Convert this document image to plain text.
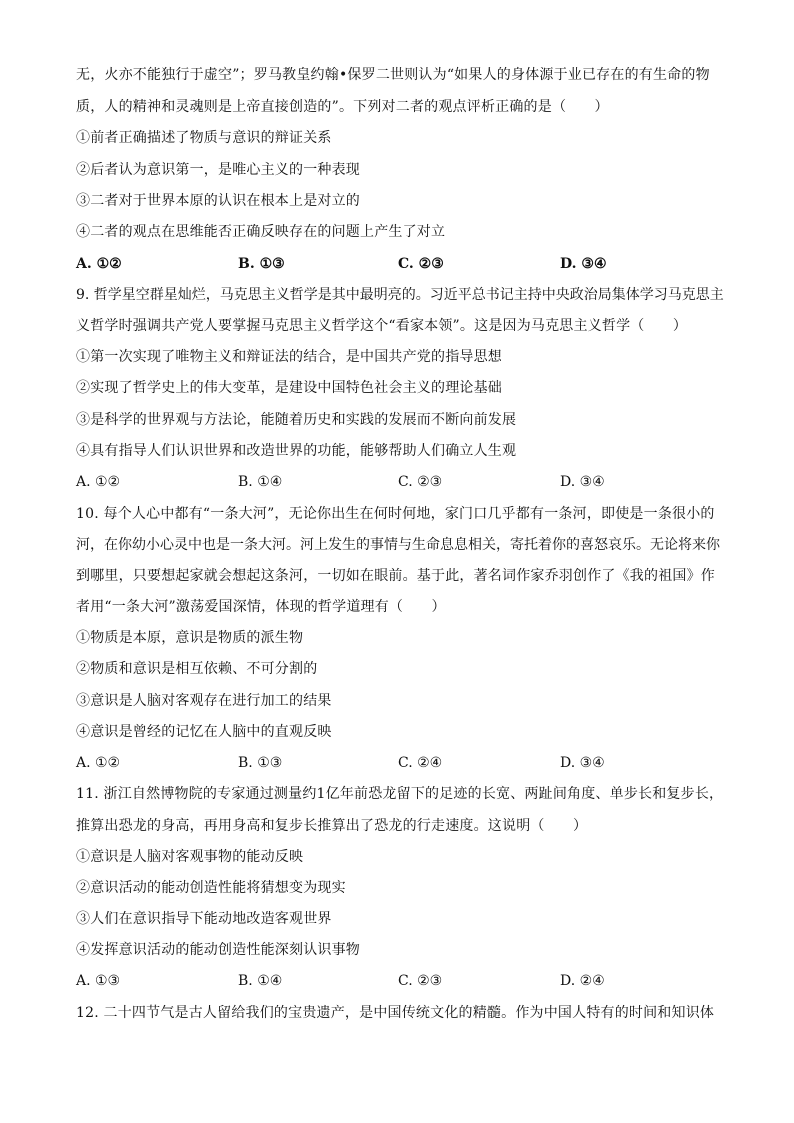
无，火亦不能独行于虚空”；罗马教皇约翰•保罗二世则认为“如果人的身体源于业已存在的有生命的物
质，人的精神和灵魂则是上帝直接创造的”。下列对二者的观点评析正确的是（　　）
①前者正确描述了物质与意识的辩证关系
②后者认为意识第一，是唯心主义的一种表现
③二者对于世界本原的认识在根本上是对立的
④二者的观点在思维能否正确反映存在的问题上产生了对立
A. ①②	B. ①③	C. ②③	D. ③④
9. 哲学星空群星灿烂，马克思主义哲学是其中最明亮的。习近平总书记主持中央政治局集体学习马克思主
义哲学时强调共产党人要掌握马克思主义哲学这个“看家本领”。这是因为马克思主义哲学（　　）
①第一次实现了唯物主义和辩证法的结合，是中国共产党的指导思想
②实现了哲学史上的伟大变革，是建设中国特色社会主义的理论基础
③是科学的世界观与方法论，能随着历史和实践的发展而不断向前发展
④具有指导人们认识世界和改造世界的功能，能够帮助人们确立人生观
A. ①②	B. ①④	C. ②③	D. ③④
10. 每个人心中都有“一条大河”，无论你出生在何时何地，家门口几乎都有一条河，即使是一条很小的
河，在你幼小心灵中也是一条大河。河上发生的事情与生命息息相关，寄托着你的喜怒哀乐。无论将来你
到哪里，只要想起家就会想起这条河，一切如在眼前。基于此，著名词作家乔羽创作了《我的祖国》作
者用“一条大河”激荡爱国深情，体现的哲学道理有（　　）
①物质是本原，意识是物质的派生物
②物质和意识是相互依赖、不可分割的
③意识是人脑对客观存在进行加工的结果
④意识是曾经的记忆在人脑中的直观反映
A. ①②	B. ①③	C. ②④	D. ③④
11. 浙江自然博物院的专家通过测量约1亿年前恐龙留下的足迹的长宽、两趾间角度、单步长和复步长，
推算出恐龙的身高，再用身高和复步长推算出了恐龙的行走速度。这说明（　　）
①意识是人脑对客观事物的能动反映
②意识活动的能动创造性能将猜想变为现实
③人们在意识指导下能动地改造客观世界
④发挥意识活动的能动创造性能深刻认识事物
A. ①③	B. ①④	C. ②③	D. ②④
12. 二十四节气是古人留给我们的宝贵遗产，是中国传统文化的精髓。作为中国人特有的时间和知识体
